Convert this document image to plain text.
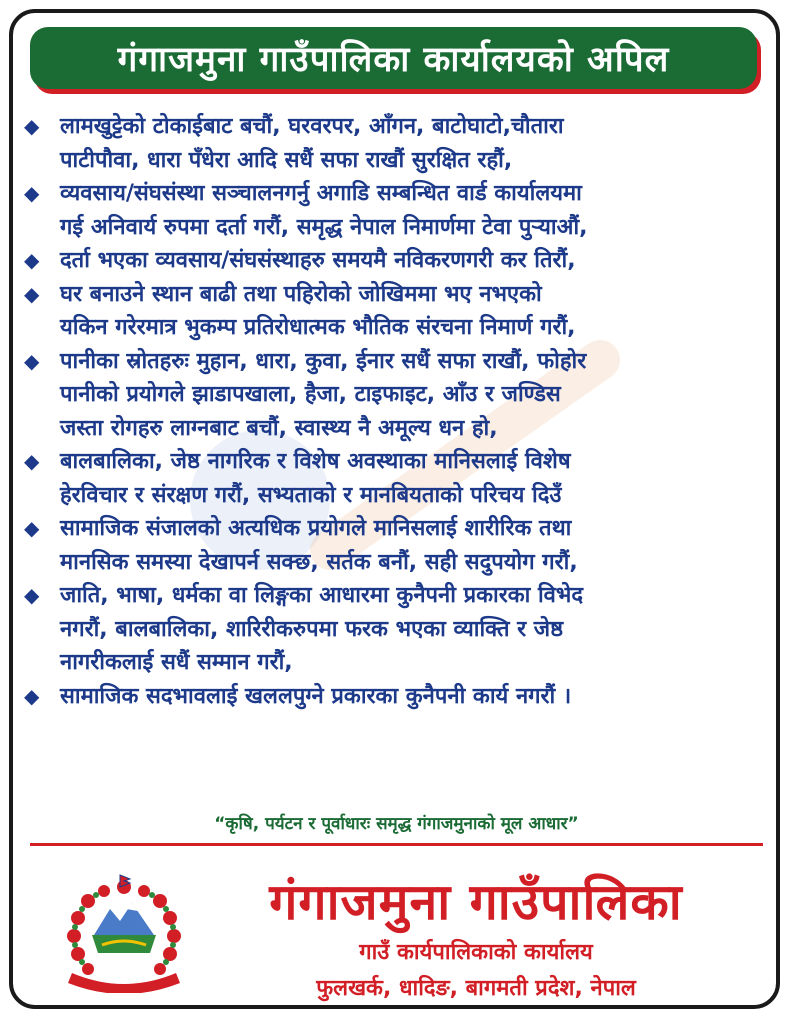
गंगाजमुना गाउँपालिका कार्यालयको अपिल
◆ लामखुट्टेको टोकाईबाट बचौं, घरवरपर, आँगन, बाटोघाटो,चौतारा
पाटीपौवा, धारा पँधेरा आदि सधैं सफा राखौं सुरक्षित रहौं,
◆ व्यवसाय/संघसंस्था सञ्चालनगर्नु अगाडि सम्बन्धित वार्ड कार्यालयमा
गई अनिवार्य रुपमा दर्ता गरौं, समृद्ध नेपाल निमार्णमा टेवा पुऱ्याऔं,
◆ दर्ता भएका व्यवसाय/संघसंस्थाहरु समयमै नविकरणगरी कर तिरौं,
◆ घर बनाउने स्थान बाढी तथा पहिरोको जोखिममा भए नभएको
यकिन गरेरमात्र भुकम्प प्रतिरोधात्मक भौतिक संरचना निमार्ण गरौं,
◆ पानीका स्रोतहरुः मुहान, धारा, कुवा, ईनार सधैं सफा राखौं, फोहोर
पानीको प्रयोगले झाडापखाला, हैजा, टाइफाइट, आँउ र जण्डिस
जस्ता रोगहरु लाग्नबाट बचौं, स्वास्थ्य नै अमूल्य धन हो,
◆ बालबालिका, जेष्ठ नागरिक र विशेष अवस्थाका मानिसलाई विशेष
हेरविचार र संरक्षण गरौं, सभ्यताको र मानबियताको परिचय दिउँ
◆ सामाजिक संजालको अत्यधिक प्रयोगले मानिसलाई शारीरिक तथा
मानसिक समस्या देखापर्न सक्छ, सर्तक बनौं, सही सदुपयोग गरौं,
◆ जाति, भाषा, धर्मका वा लिङ्गका आधारमा कुनैपनी प्रकारका विभेद
नगरौं, बालबालिका, शारिरीकरुपमा फरक भएका व्याक्ति र जेष्ठ
नागरीकलाई सधैं सम्मान गरौं,
◆ सामाजिक सदभावलाई खललपुग्ने प्रकारका कुनैपनी कार्य नगरौं ।
“कृषि, पर्यटन र पूर्वाधारः समृद्ध गंगाजमुनाको मूल आधार”
गंगाजमुना गाउँपालिका
गाउँ कार्यपालिकाको कार्यालय
फुलखर्क, धादिङ, बागमती प्रदेश, नेपाल
